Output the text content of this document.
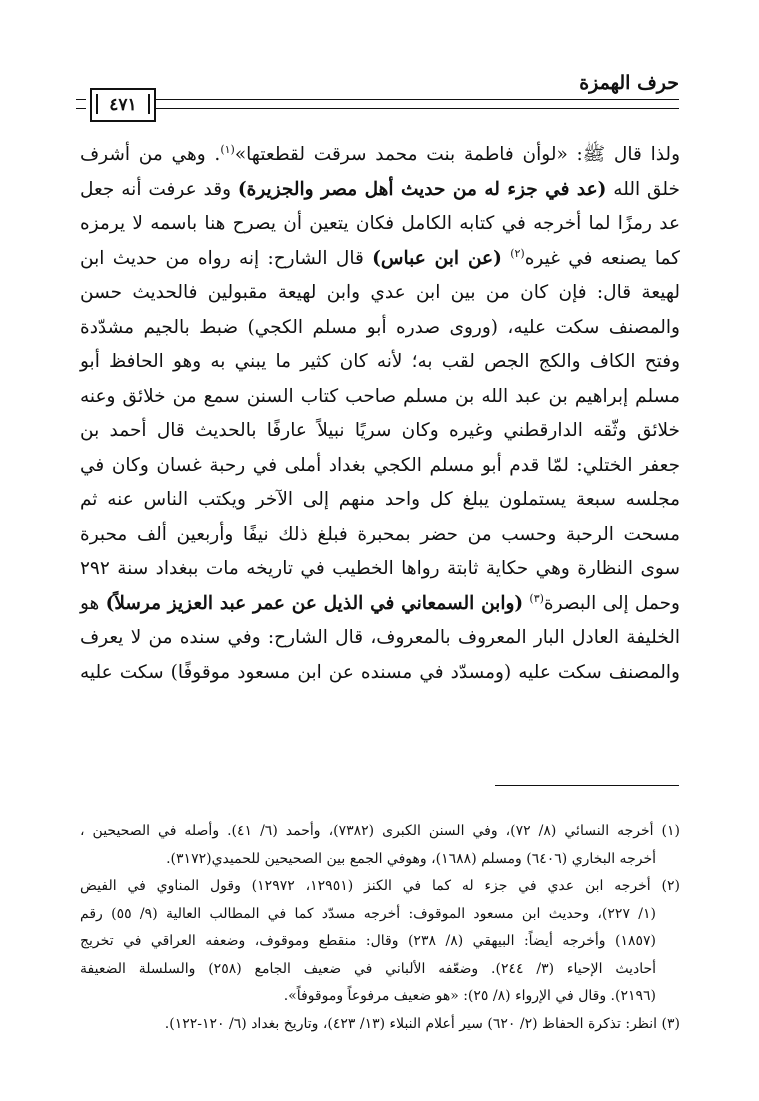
حرف الهمزة
٤٧١

ولذا قال ﷺ: «لوأن فاطمة بنت محمد سرقت لقطعتها»$^{(١)}$. وهي من أشرف

خلق الله (عد في جزء له من حديث أهل مصر والجزيرة) وقد عرفت أنه جعل

عد رمزًا لما أخرجه في كتابه الكامل فكان يتعين أن يصرح هنا باسمه لا يرمزه

كما يصنعه في غيره$^{(٢)}$ (عن ابن عباس) قال الشارح: إنه رواه من حديث ابن

لهيعة قال: فإن كان من بين ابن عدي وابن لهيعة مقبولين فالحديث حسن

والمصنف سكت عليه، (وروى صدره أبو مسلم الكجي) ضبط بالجيم مشدّدة

وفتح الكاف والكج الجص لقب به؛ لأنه كان كثير ما يبني به وهو الحافظ أبو

مسلم إبراهيم بن عبد الله بن مسلم صاحب كتاب السنن سمع من خلائق وعنه

خلائق وثّقه الدارقطني وغيره وكان سريًا نبيلاً عارفًا بالحديث قال أحمد بن

جعفر الختلي: لمّا قدم أبو مسلم الكجي بغداد أملى في رحبة غسان وكان في

مجلسه سبعة يستملون يبلغ كل واحد منهم إلى الآخر ويكتب الناس عنه ثم

مسحت الرحبة وحسب من حضر بمحبرة فبلغ ذلك نيفًا وأربعين ألف محبرة

سوى النظارة وهي حكاية ثابتة رواها الخطيب في تاريخه مات ببغداد سنة ٢٩٢

وحمل إلى البصرة$^{(٣)}$ (وابن السمعاني في الذيل عن عمر عبد العزيز مرسلاً) هو

الخليفة العادل البار المعروف بالمعروف، قال الشارح: وفي سنده من لا يعرف

والمصنف سكت عليه (ومسدّد في مسنده عن ابن مسعود موقوفًا) سكت عليه

(١) أخرجه النسائي (٨/ ٧٢)، وفي السنن الكبرى (٧٣٨٢)، وأحمد (٦/ ٤١). وأصله في الصحيحين ،

أخرجه البخاري (٦٤٠٦) ومسلم (١٦٨٨)، وهوفي الجمع بين الصحيحين للحميدي(٣١٧٢).

(٢) أخرجه ابن عدي في جزء له كما في الكنز (١٢٩٥١، ١٢٩٧٢) وقول المناوي في الفيض

(١/ ٢٢٧)، وحديث ابن مسعود الموقوف: أخرجه مسدّد كما في المطالب العالية (٩/ ٥٥) رقم

(١٨٥٧) وأخرجه أيضاً: البيهقي (٨/ ٢٣٨) وقال: منقطع وموقوف، وضعفه العراقي في تخريج

أحاديث الإحياء (٣/ ٢٤٤). وضعّفه الألباني في ضعيف الجامع (٢٥٨) والسلسلة الضعيفة

(٢١٩٦). وقال في الإرواء (٨/ ٢٥): «هو ضعيف مرفوعاً وموقوفاً».

(٣) انظر: تذكرة الحفاظ (٢/ ٦٢٠) سير أعلام النبلاء (١٣/ ٤٢٣)، وتاريخ بغداد (٦/ ١٢٠-١٢٢).
